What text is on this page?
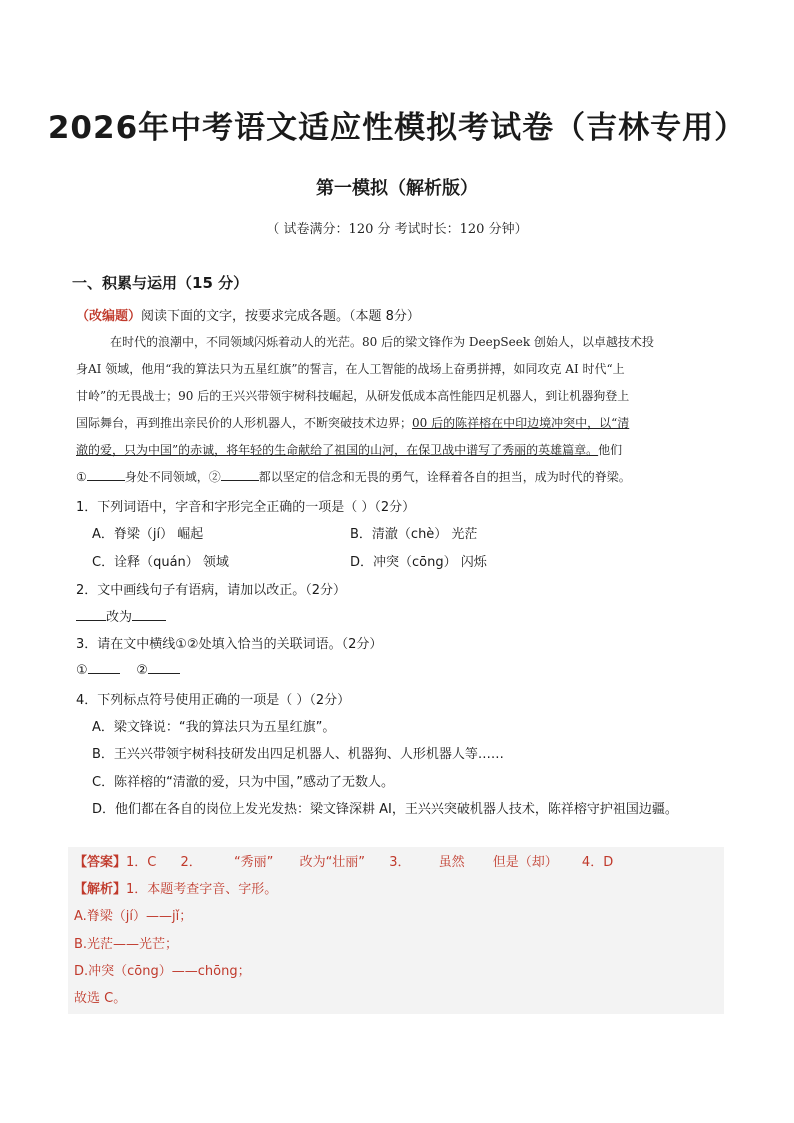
2026年中考语文适应性模拟考试卷（吉林专用）
第一模拟（解析版）
（ 试卷满分：120 分 考试时长：120 分钟）
一、积累与运用（15 分）
（改编题）阅读下面的文字，按要求完成各题。（本题 8分）
在时代的浪潮中，不同领域闪烁着动人的光茫。80 后的梁文锋作为 DeepSeek 创始人，以卓越技术投
身AI 领域，他用“我的算法只为五星红旗”的誓言，在人工智能的战场上奋勇拼搏，如同攻克 AI 时代“上
甘岭”的无畏战士；90 后的王兴兴带领宇树科技崛起，从研发低成本高性能四足机器人，到让机器狗登上
国际舞台，再到推出亲民价的人形机器人，不断突破技术边界；00 后的陈祥榕在中印边境冲突中，以“清
澈的爱，只为中国”的赤诚，将年轻的生命献给了祖国的山河，在保卫战中谱写了秀丽的英雄篇章。他们
①	身处不同领域，②	都以坚定的信念和无畏的勇气，诠释着各自的担当，成为时代的脊梁。
1．下列词语中，字音和字形完全正确的一项是（ ）（2分）
A．脊梁（jí） 崛起	B．清澈（chè） 光茫
C．诠释（quán） 领域	D．冲突（cōng） 闪烁
2．文中画线句子有语病，请加以改正。（2分）
改为
3．请在文中横线①②处填入恰当的关联词语。（2分）
①	②
4．下列标点符号使用正确的一项是（ ）（2分）
A．梁文锋说：“我的算法只为五星红旗”。
B．王兴兴带领宇树科技研发出四足机器人、机器狗、人形机器人等……
C．陈祥榕的“清澈的爱，只为中国，”感动了无数人。
D．他们都在各自的岗位上发光发热：梁文锋深耕 AI，王兴兴突破机器人技术，陈祥榕守护祖国边疆。
【答案】1．C 2． “秀丽” 改为“壮丽” 3． 虽然 但是（却） 4．D
【解析】1．本题考查字音、字形。
A.脊梁（jí）——jǐ；
B.光茫——光芒；
D.冲突（cōng）——chōng；
故选 C。
